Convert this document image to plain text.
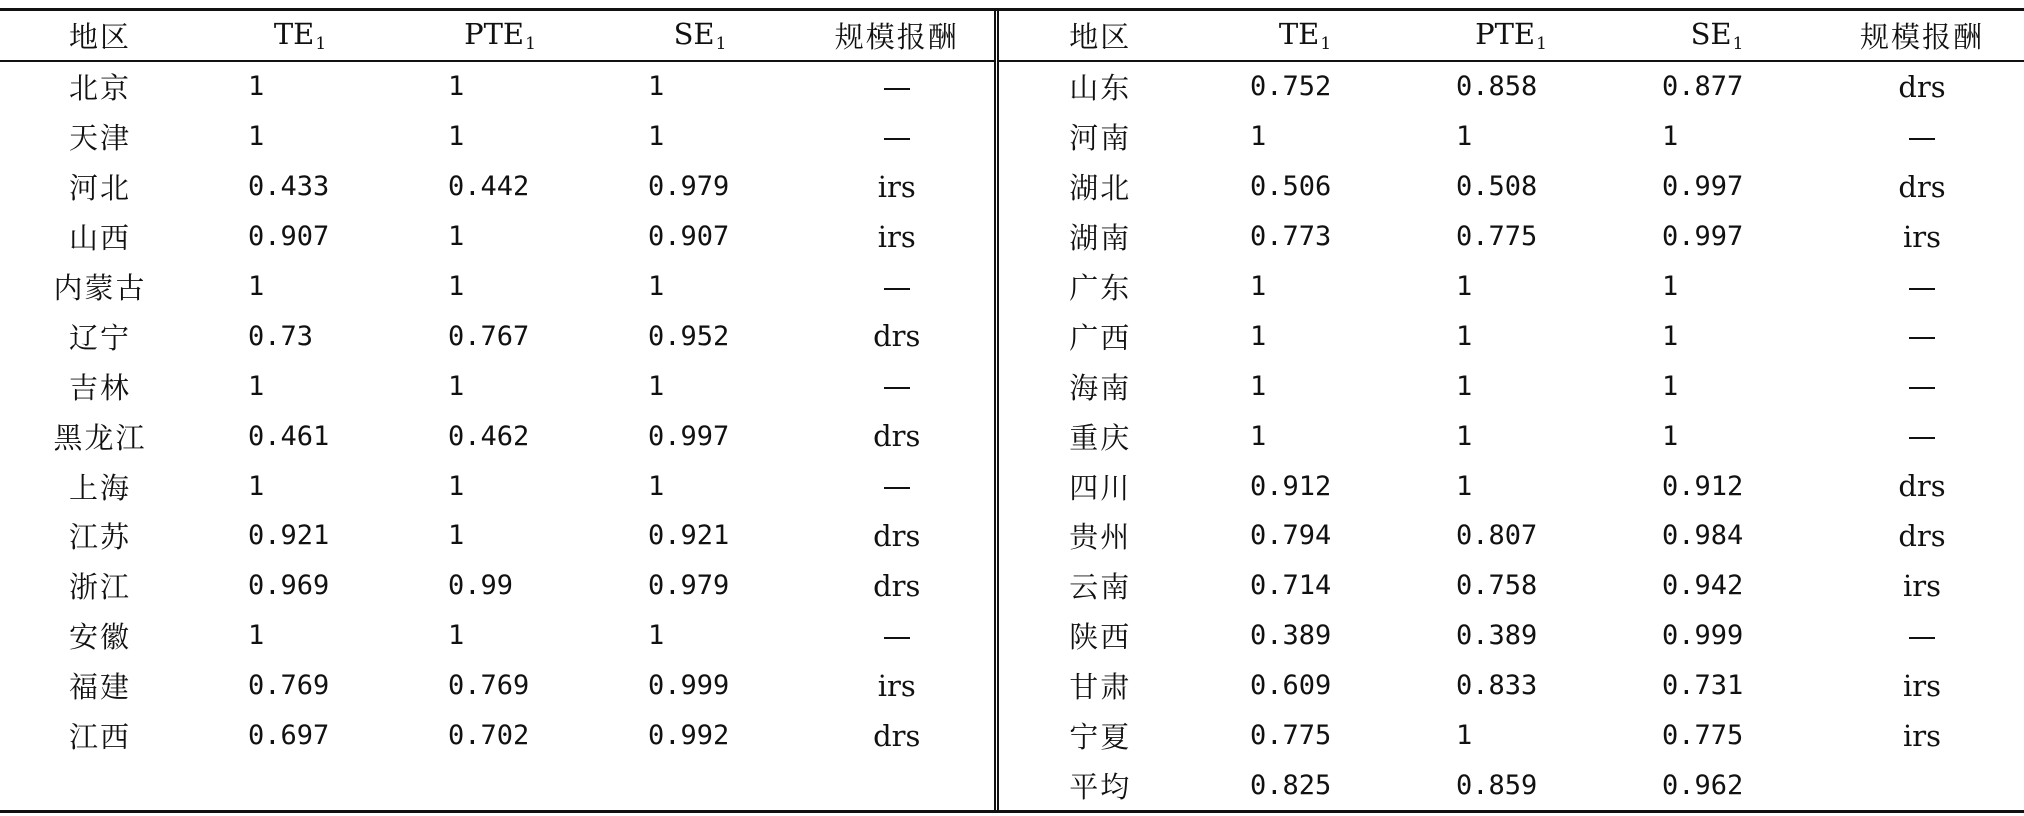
地区	$TE_1$	$PTE_1$	$SE_1$	规模报酬	地区	$TE_1$	$PTE_1$	$SE_1$	规模报酬
北京	1	1	1		山东	0.752	0.858	0.877	drs
天津	1	1	1		河南	1	1	1	
河北	0.433	0.442	0.979	irs	湖北	0.506	0.508	0.997	drs
山西	0.907	1	0.907	irs	湖南	0.773	0.775	0.997	irs
内蒙古	1	1	1		广东	1	1	1	
辽宁	0.73	0.767	0.952	drs	广西	1	1	1	
吉林	1	1	1		海南	1	1	1	
黑龙江	0.461	0.462	0.997	drs	重庆	1	1	1	
上海	1	1	1		四川	0.912	1	0.912	drs
江苏	0.921	1	0.921	drs	贵州	0.794	0.807	0.984	drs
浙江	0.969	0.99	0.979	drs	云南	0.714	0.758	0.942	irs
安徽	1	1	1		陕西	0.389	0.389	0.999	
福建	0.769	0.769	0.999	irs	甘肃	0.609	0.833	0.731	irs
江西	0.697	0.702	0.992	drs	宁夏	0.775	1	0.775	irs
					平均	0.825	0.859	0.962	
